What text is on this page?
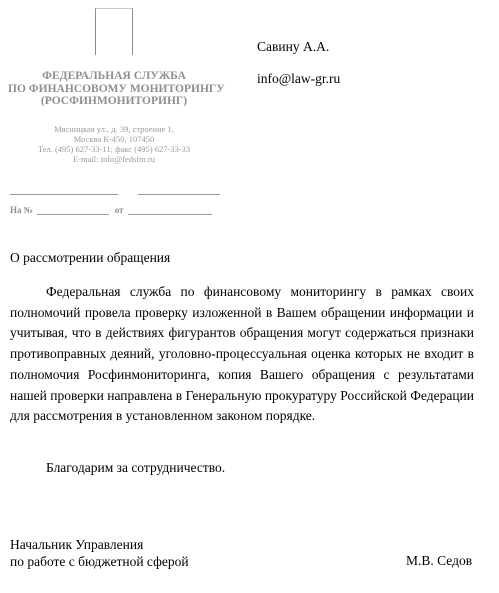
ФЕДЕРАЛЬНАЯ СЛУЖБА
ПО ФИНАНСОВОМУ МОНИТОРИНГУ
(РОСФИНМОНИТОРИНГ)
Мясницкая ул., д. 39, строение 1,
Москва К-450, 107450
Тел. (495) 627-33-11; факс (495) 627-33-33
E-mail: info@fedsfm.ru
На №	от
Савину А.А.
info@law-gr.ru
О рассмотрении обращения

Федеральная служба по финансовому мониторингу в рамках своих полномочий провела проверку изложенной в Вашем обращении информации и учитывая, что в действиях фигурантов обращения могут содержаться признаки противоправных деяний, уголовно-процессуальная оценка которых не входит в полномочия Росфинмониторинга, копия Вашего обращения с результатами нашей проверки направлена в Генеральную прокуратуру Российской Федерации для рассмотрения в установленном законом порядке.

Благодарим за сотрудничество.
Начальник Управления
по работе с бюджетной сферой	М.В. Седов
